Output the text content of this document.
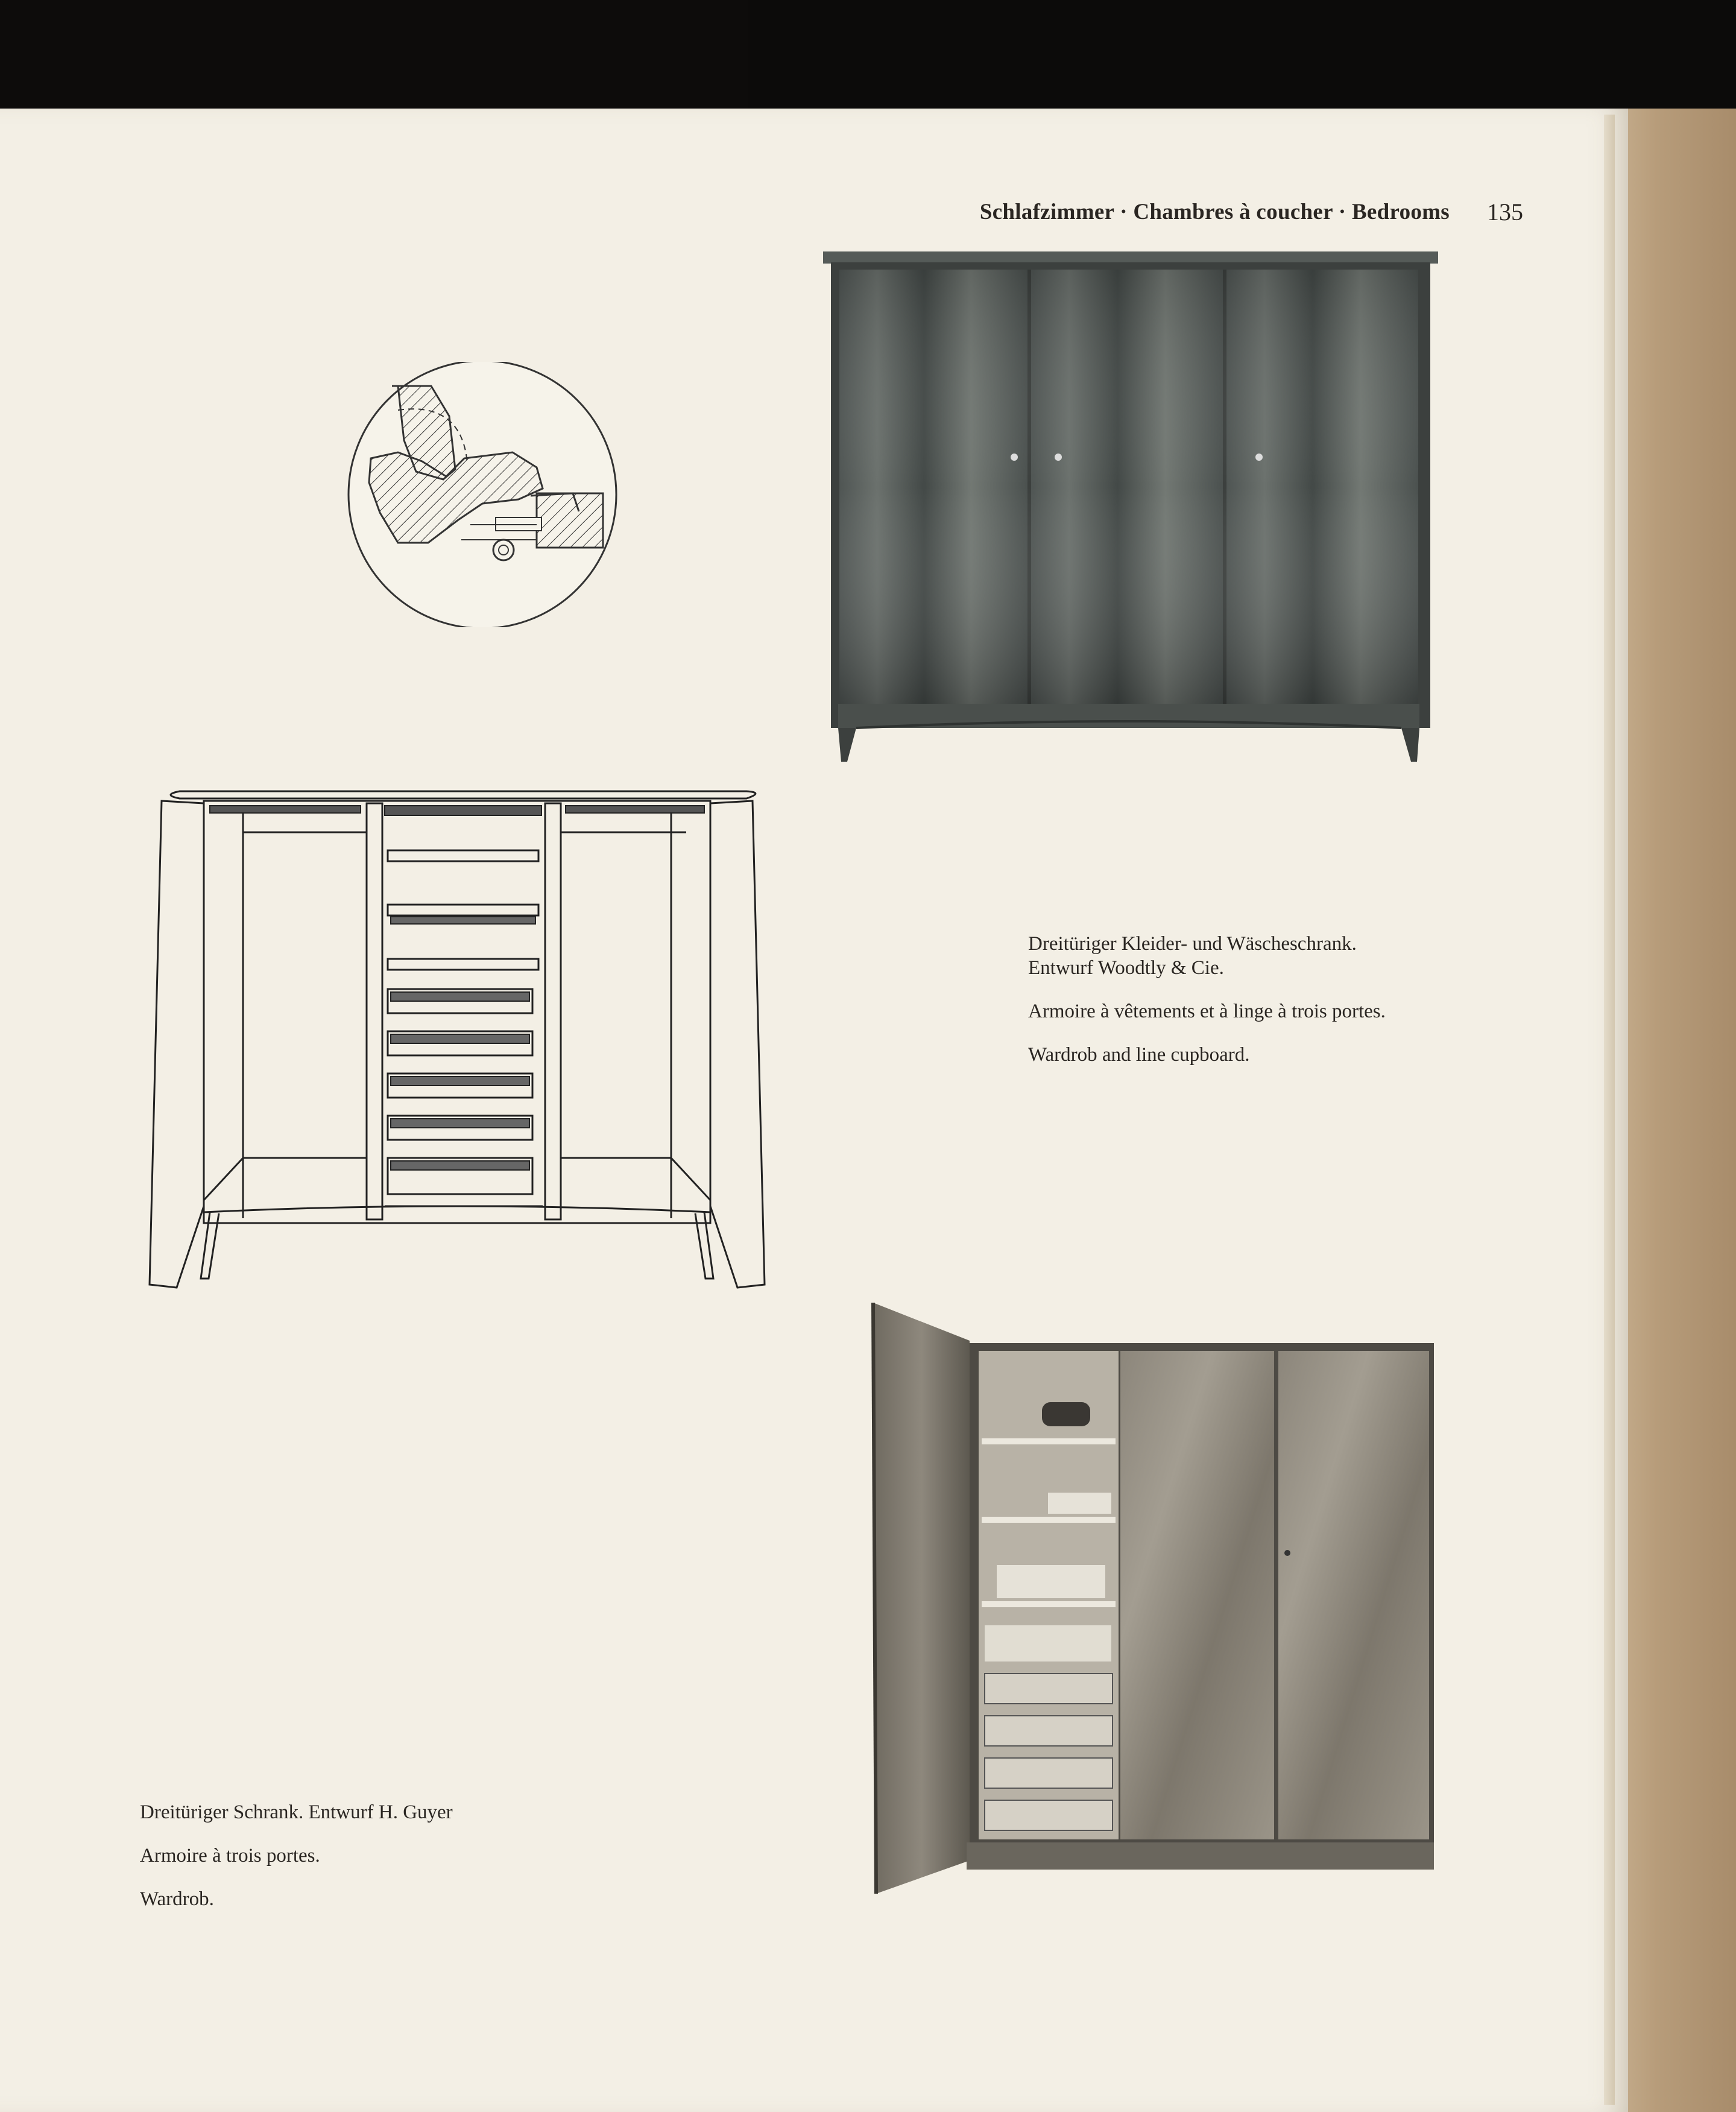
Schlafzimmer · Chambres à coucher · Bedrooms 135
Dreitüriger Kleider- und Wäscheschrank.

Entwurf Woodtly & Cie.

Armoire à vêtements et à linge à trois portes.

Wardrob and line cupboard.

Dreitüriger Schrank. Entwurf H. Guyer

Armoire à trois portes.

Wardrob.
